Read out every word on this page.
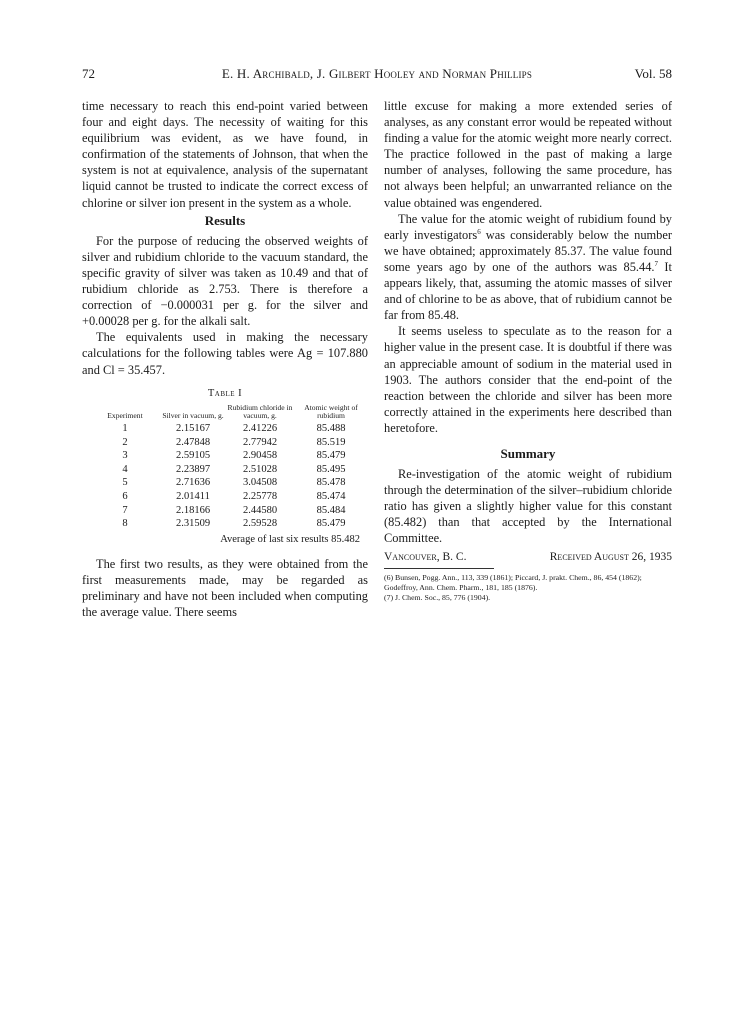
72	E. H. Archibald, J. Gilbert Hooley and Norman Phillips	Vol. 58

time necessary to reach this end-point varied between four and eight days. The necessity of waiting for this equilibrium was evident, as we have found, in confirmation of the statements of Johnson, that when the system is not at equivalence, analysis of the supernatant liquid cannot be trusted to indicate the correct excess of chlorine or silver ion present in the system as a whole.

Results

For the purpose of reducing the observed weights of silver and rubidium chloride to the vacuum standard, the specific gravity of silver was taken as 10.49 and that of rubidium chloride as 2.753. There is therefore a correction of −0.000031 per g. for the silver and +0.00028 per g. for the alkali salt.

The equivalents used in making the necessary calculations for the following tables were Ag = 107.880 and Cl = 35.457.

Table I
Experiment	Silver in vacuum, g.	Rubidium chloride in vacuum, g.	Atomic weight of rubidium
1	2.15167	2.41226	85.488
2	2.47848	2.77942	85.519
3	2.59105	2.90458	85.479
4	2.23897	2.51028	85.495
5	2.71636	3.04508	85.478
6	2.01411	2.25778	85.474
7	2.18166	2.44580	85.484
8	2.31509	2.59528	85.479
Average of last six results 85.482

The first two results, as they were obtained from the first measurements made, may be regarded as preliminary and have not been included when computing the average value. There seems

little excuse for making a more extended series of analyses, as any constant error would be repeated without finding a value for the atomic weight more nearly correct. The practice followed in the past of making a large number of analyses, following the same procedure, has not always been helpful; an unwarranted reliance on the value obtained was engendered.

The value for the atomic weight of rubidium found by early investigators$^6$ was considerably below the number we have obtained; approximately 85.37. The value found some years ago by one of the authors was 85.44.$^7$ It appears likely, that, assuming the atomic masses of silver and of chlorine to be as above, that of rubidium cannot be far from 85.48.

It seems useless to speculate as to the reason for a higher value in the present case. It is doubtful if there was an appreciable amount of sodium in the material used in 1903. The authors consider that the end-point of the reaction between the chloride and silver has been more correctly attained in the experiments here described than heretofore.

Summary

Re-investigation of the atomic weight of rubidium through the determination of the silver–rubidium chloride ratio has given a slightly higher value for this constant (85.482) than that accepted by the International Committee.

Vancouver, B. C.	Received August 26, 1935

(6) Bunsen, Pogg. Ann., 113, 339 (1861); Piccard, J. prakt. Chem., 86, 454 (1862); Godeffroy, Ann. Chem. Pharm., 181, 185 (1876).

(7) J. Chem. Soc., 85, 776 (1904).
